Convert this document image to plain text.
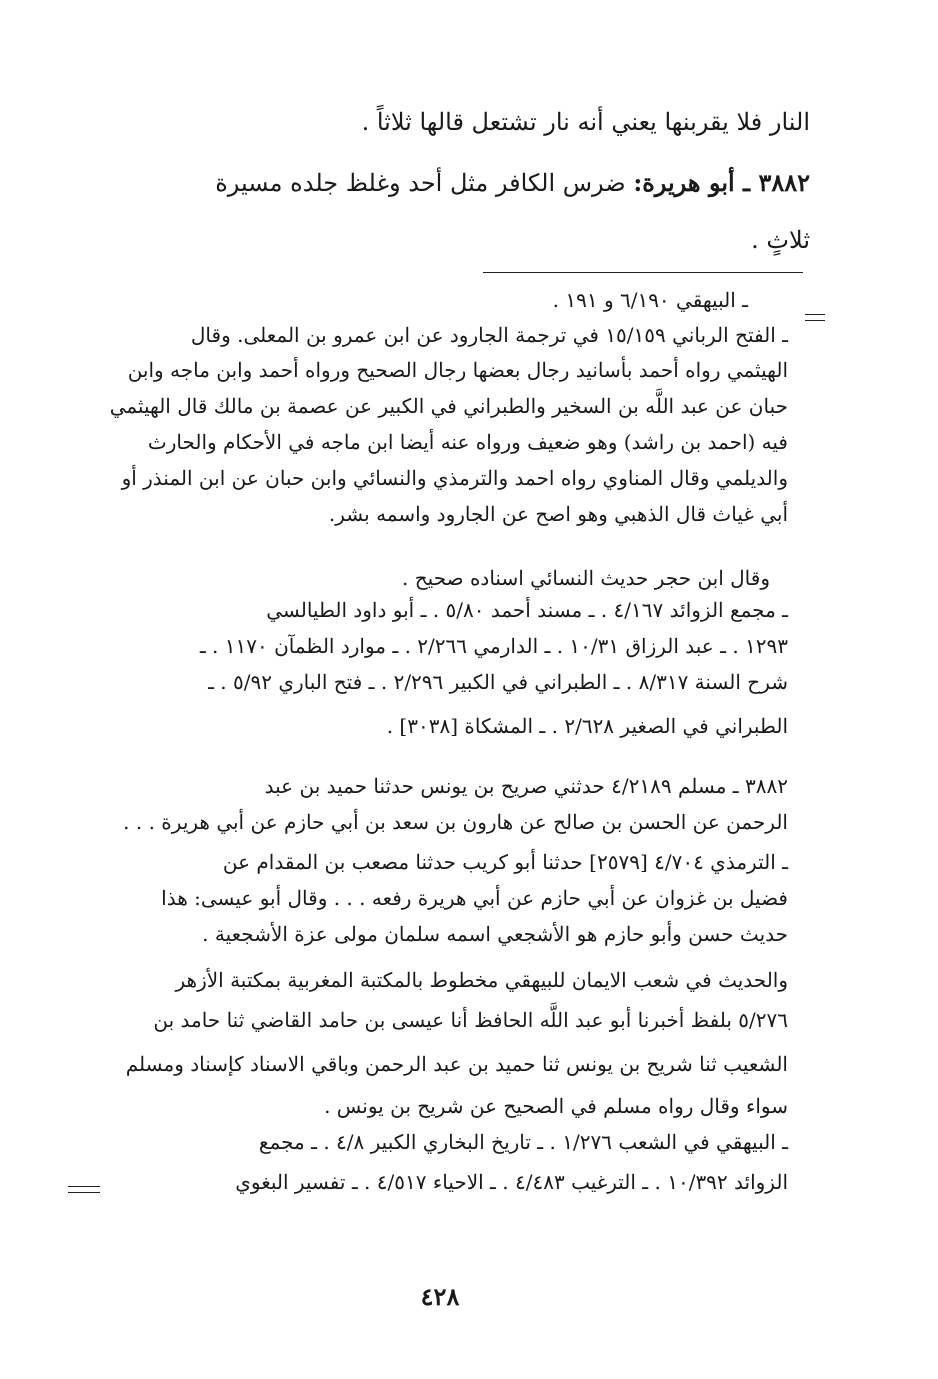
النار فلا يقربنها يعني أنه نار تشتعل قالها ثلاثاً .
٣٨٨٢ ـ أبو هريرة: ضرس الكافر مثل أحد وغلظ جلده مسيرة
ثلاثٍ .
ـ البيهقي ٦/١٩٠ و ١٩١ .
ـ الفتح الرباني ١٥/١٥٩ في ترجمة الجارود عن ابن عمرو بن المعلى. وقال
الهيثمي رواه أحمد بأسانيد رجال بعضها رجال الصحيح ورواه أحمد وابن ماجه وابن
حبان عن عبد اللَّه بن السخير والطبراني في الكبير عن عصمة بن مالك قال الهيثمي
فيه (احمد بن راشد) وهو ضعيف ورواه عنه أيضا ابن ماجه في الأحكام والحارث
والديلمي وقال المناوي رواه احمد والترمذي والنسائي وابن حبان عن ابن المنذر أو
أبي غياث قال الذهبي وهو اصح عن الجارود واسمه بشر.
وقال ابن حجر حديث النسائي اسناده صحيح .
ـ مجمع الزوائد ٤/١٦٧ . ـ مسند أحمد ٥/٨٠ . ـ أبو داود الطيالسي
١٢٩٣ . ـ عبد الرزاق ١٠/٣١ . ـ الدارمي ٢/٢٦٦ . ـ موارد الظمآن ١١٧٠ . ـ
شرح السنة ٨/٣١٧ . ـ الطبراني في الكبير ٢/٢٩٦ . ـ فتح الباري ٥/٩٢ . ـ
الطبراني في الصغير ٢/٦٢٨ . ـ المشكاة [٣٠٣٨] .
٣٨٨٢ ـ مسلم ٤/٢١٨٩ حدثني صريح بن يونس حدثنا حميد بن عبد
الرحمن عن الحسن بن صالح عن هارون بن سعد بن أبي حازم عن أبي هريرة . . .
ـ الترمذي ٤/٧٠٤ [٢٥٧٩] حدثنا أبو كريب حدثنا مصعب بن المقدام عن
فضيل بن غزوان عن أبي حازم عن أبي هريرة رفعه . . . وقال أبو عيسى: هذا
حديث حسن وأبو حازم هو الأشجعي اسمه سلمان مولى عزة الأشجعية .
والحديث في شعب الايمان للبيهقي مخطوط بالمكتبة المغربية بمكتبة الأزهر
٥/٢٧٦ بلفظ أخبرنا أبو عبد اللَّه الحافظ أنا عيسى بن حامد القاضي ثنا حامد بن
الشعيب ثنا شريح بن يونس ثنا حميد بن عبد الرحمن وباقي الاسناد كإسناد ومسلم
سواء وقال رواه مسلم في الصحيح عن شريح بن يونس .
ـ البيهقي في الشعب ١/٢٧٦ . ـ تاريخ البخاري الكبير ٤/٨ . ـ مجمع
الزوائد ١٠/٣٩٢ . ـ الترغيب ٤/٤٨٣ . ـ الاحياء ٤/٥١٧ . ـ تفسير البغوي
٤٢٨
